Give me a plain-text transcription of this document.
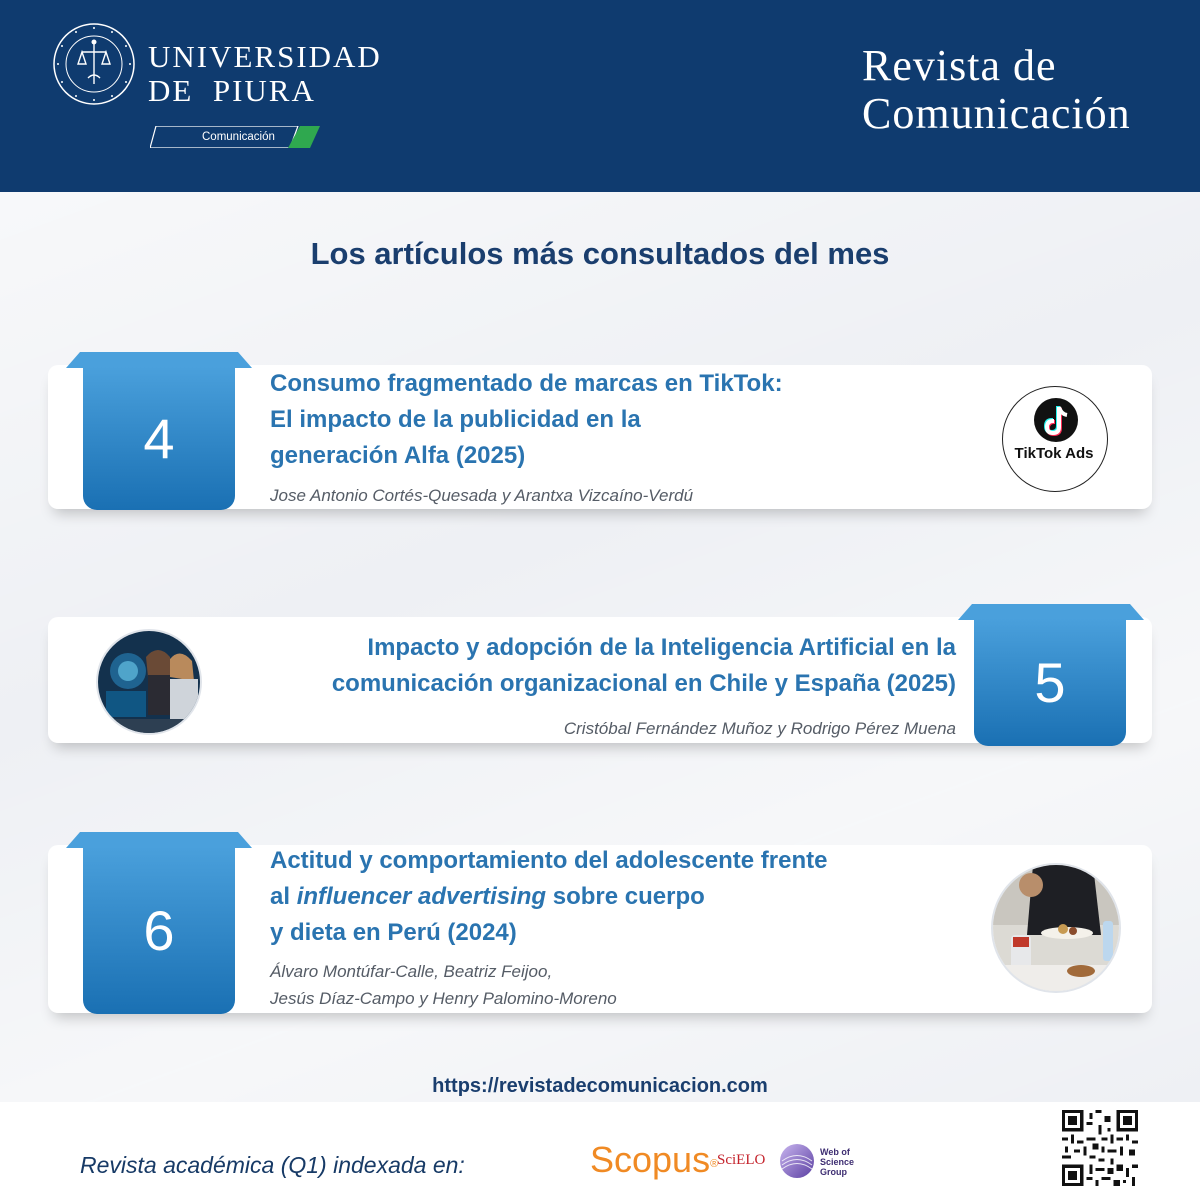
UNIVERSIDAD
DE  PIURA
Comunicación
Revista de
Comunicación
Los artículos más consultados del mes
4
Consumo fragmentado de marcas en TikTok:
El impacto de la publicidad en la
generación Alfa (2025)
Jose Antonio Cortés-Quesada y Arantxa Vizcaíno-Verdú
TikTok Ads
5
Impacto y adopción de la Inteligencia Artificial en la
comunicación organizacional en Chile y España (2025)
Cristóbal Fernández Muñoz y Rodrigo Pérez Muena
6
Actitud y comportamiento del adolescente frente
al influencer advertising sobre cuerpo
y dieta en Perú (2024)
Álvaro Montúfar-Calle, Beatriz Feijoo,
Jesús Díaz-Campo y Henry Palomino-Moreno
https://revistadecomunicacion.com
Revista académica (Q1) indexada en:	Scopus®
SciELO	Web of
Science
Group
